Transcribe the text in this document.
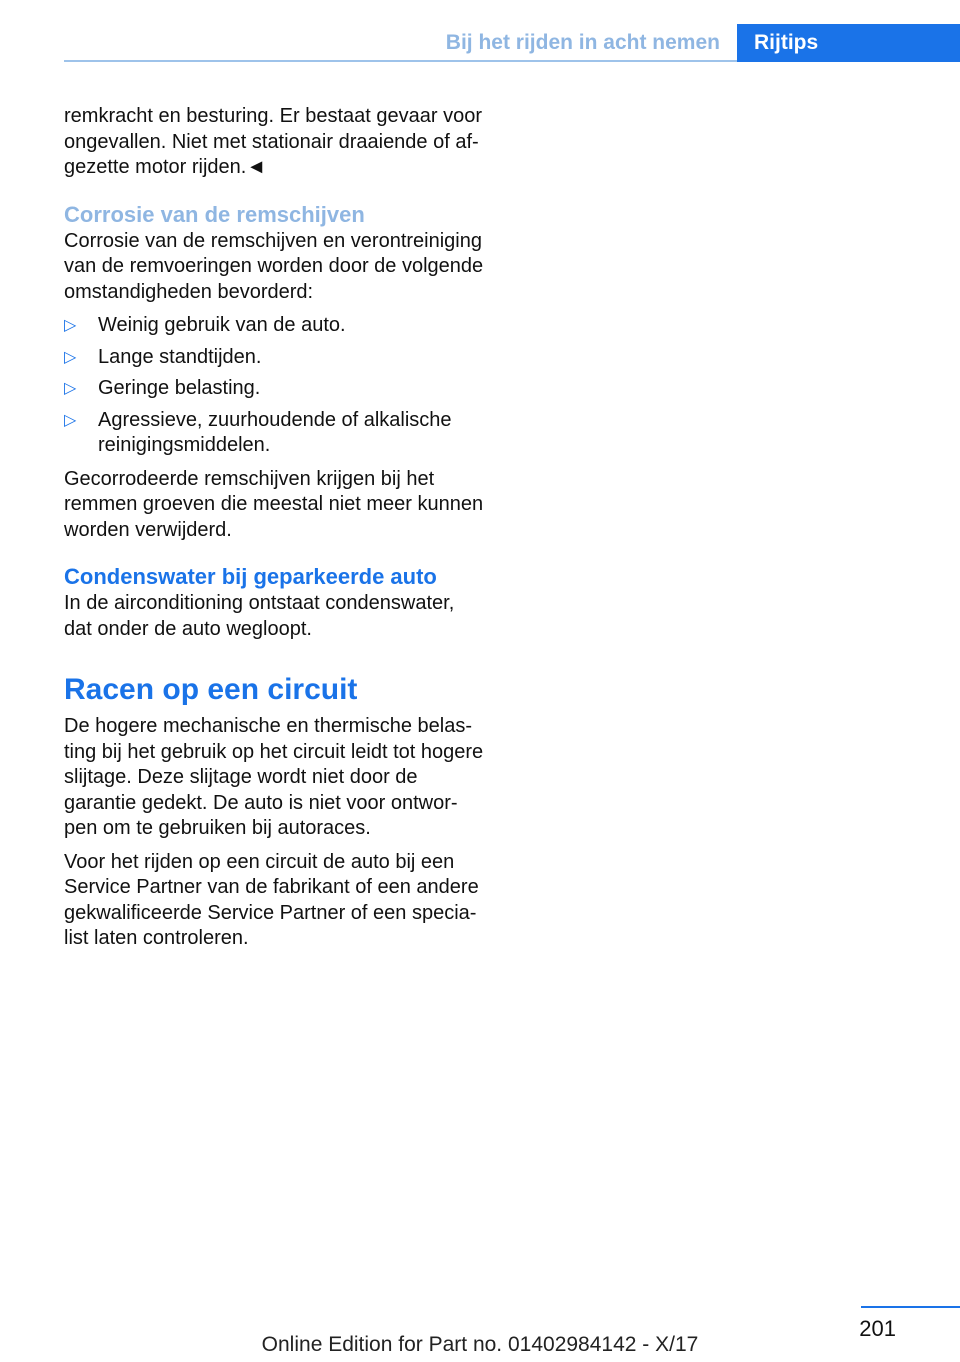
Bij het rijden in acht nemen	Rijtips

remkracht en besturing. Er bestaat gevaar voor ongevallen. Niet met stationair draaiende of afgezette motor rijden.◄

Corrosie van de remschijven

Corrosie van de remschijven en verontreiniging van de remvoeringen worden door de volgende omstandigheden bevorderd:

▷ Weinig gebruik van de auto.
▷ Lange standtijden.
▷ Geringe belasting.
▷ Agressieve, zuurhoudende of alkalische reinigingsmiddelen.

Gecorrodeerde remschijven krijgen bij het remmen groeven die meestal niet meer kunnen worden verwijderd.

Condenswater bij geparkeerde auto

In de airconditioning ontstaat condenswater, dat onder de auto wegloopt.

Racen op een circuit

De hogere mechanische en thermische belasting bij het gebruik op het circuit leidt tot hogere slijtage. Deze slijtage wordt niet door de garantie gedekt. De auto is niet voor ontworpen om te gebruiken bij autoraces.

Voor het rijden op een circuit de auto bij een Service Partner van de fabrikant of een andere gekwalificeerde Service Partner of een specialist laten controleren.

201
Online Edition for Part no. 01402984142 - X/17
